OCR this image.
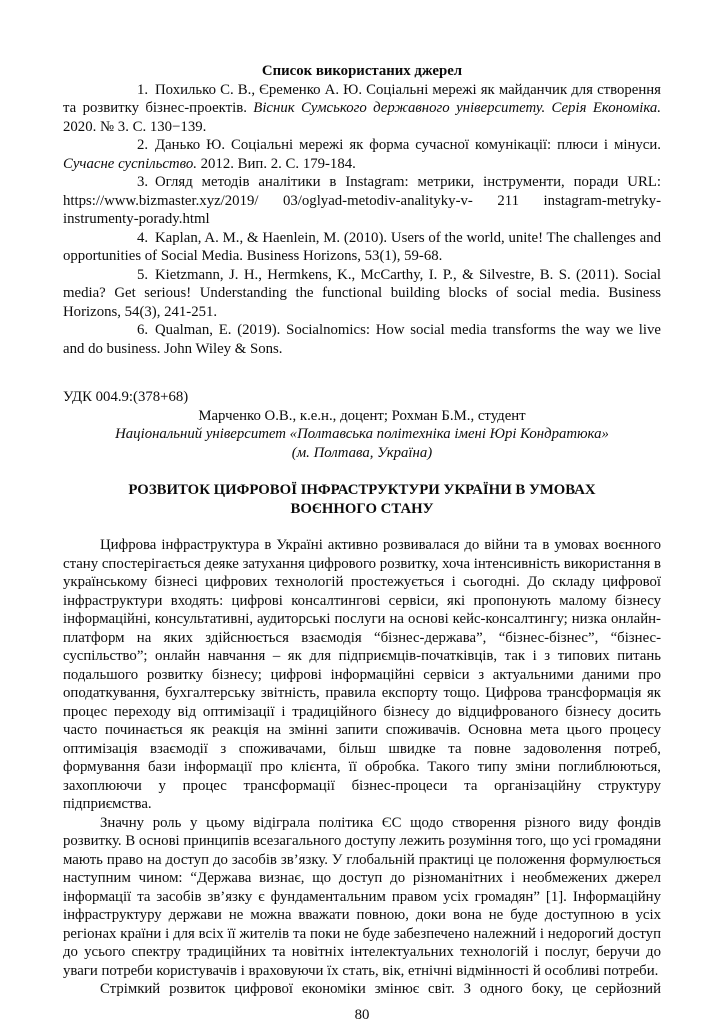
Список використаних джерел

1. Похилько С. В., Єременко А. Ю. Соціальні мережі як майданчик для створення та розвитку бізнес-проектів. Вісник Сумського державного університету. Серія Економіка. 2020. № 3. С. 130−139.

2. Данько Ю. Соціальні мережі як форма сучасної комунікації: плюси і мінуси. Сучасне суспільство. 2012. Вип. 2. С. 179-184.

3. Огляд методів аналітики в Instagram: метрики, інструменти, поради URL: https://www.bizmaster.xyz/2019/ 03/oglyad-metodiv-analityky-v- 211 instagram-metryky-instrumenty-porady.html

4. Kaplan, A. M., & Haenlein, M. (2010). Users of the world, unite! The challenges and opportunities of Social Media. Business Horizons, 53(1), 59-68.

5. Kietzmann, J. H., Hermkens, K., McCarthy, I. P., & Silvestre, B. S. (2011). Social media? Get serious! Understanding the functional building blocks of social media. Business Horizons, 54(3), 241-251.

6. Qualman, E. (2019). Socialnomics: How social media transforms the way we live and do business. John Wiley & Sons.

УДК 004.9:(378+68)

Марченко О.В., к.е.н., доцент; Рохман Б.М., студент

Національний університет «Полтавська політехніка імені Юрі Кондратюка»

(м. Полтава, Україна)

РОЗВИТОК ЦИФРОВОЇ ІНФРАСТРУКТУРИ УКРАЇНИ В УМОВАХ
ВОЄННОГО СТАНУ

Цифрова інфраструктура в Україні активно розвивалася до війни та в умовах воєнного стану спостерігається деяке затухання цифрового розвитку, хоча інтенсивність використання в українському бізнесі цифрових технологій простежується і сьогодні. До складу цифрової інфраструктури входять: цифрові консалтингові сервіси, які пропонують малому бізнесу інформаційні, консультативні, аудиторські послуги на основі кейс-консалтингу; низка онлайн-платформ на яких здійснюється взаємодія “бізнес-держава”, “бізнес-бізнес”, “бізнес-суспільство”; онлайн навчання – як для підприємців-початківців, так і з типових питань подальшого розвитку бізнесу; цифрові інформаційні сервіси з актуальними даними про оподаткування, бухгалтерську звітність, правила експорту тощо. Цифрова трансформація як процес переходу від оптимізації і традиційного бізнесу до відцифрованого бізнесу досить часто починається як реакція на змінні запити споживачів. Основна мета цього процесу оптимізація взаємодії з споживачами, більш швидке та повне задоволення потреб, формування бази інформації про клієнта, її обробка. Такого типу зміни поглиблюються, захоплюючи у процес трансформації бізнес-процеси та організаційну структуру підприємства.

Значну роль у цьому відіграла політика ЄС щодо створення різного виду фондів розвитку. В основі принципів всезагального доступу лежить розуміння того, що усі громадяни мають право на доступ до засобів зв’язку. У глобальній практиці це положення формулюється наступним чином: “Держава визнає, що доступ до різноманітних і необмежених джерел інформації та засобів зв’язку є фундаментальним правом усіх громадян” [1]. Інформаційну інфраструктуру держави не можна вважати повною, доки вона не буде доступною в усіх регіонах країни і для всіх її жителів та поки не буде забезпечено належний і недорогий доступ до усього спектру традиційних та новітніх інтелектуальних технологій і послуг, беручи до уваги потреби користувачів і враховуючи їх стать, вік, етнічні відмінності й особливі потреби.

Стрімкий розвиток цифрової економіки змінює світ. З одного боку, це серйозний

80
